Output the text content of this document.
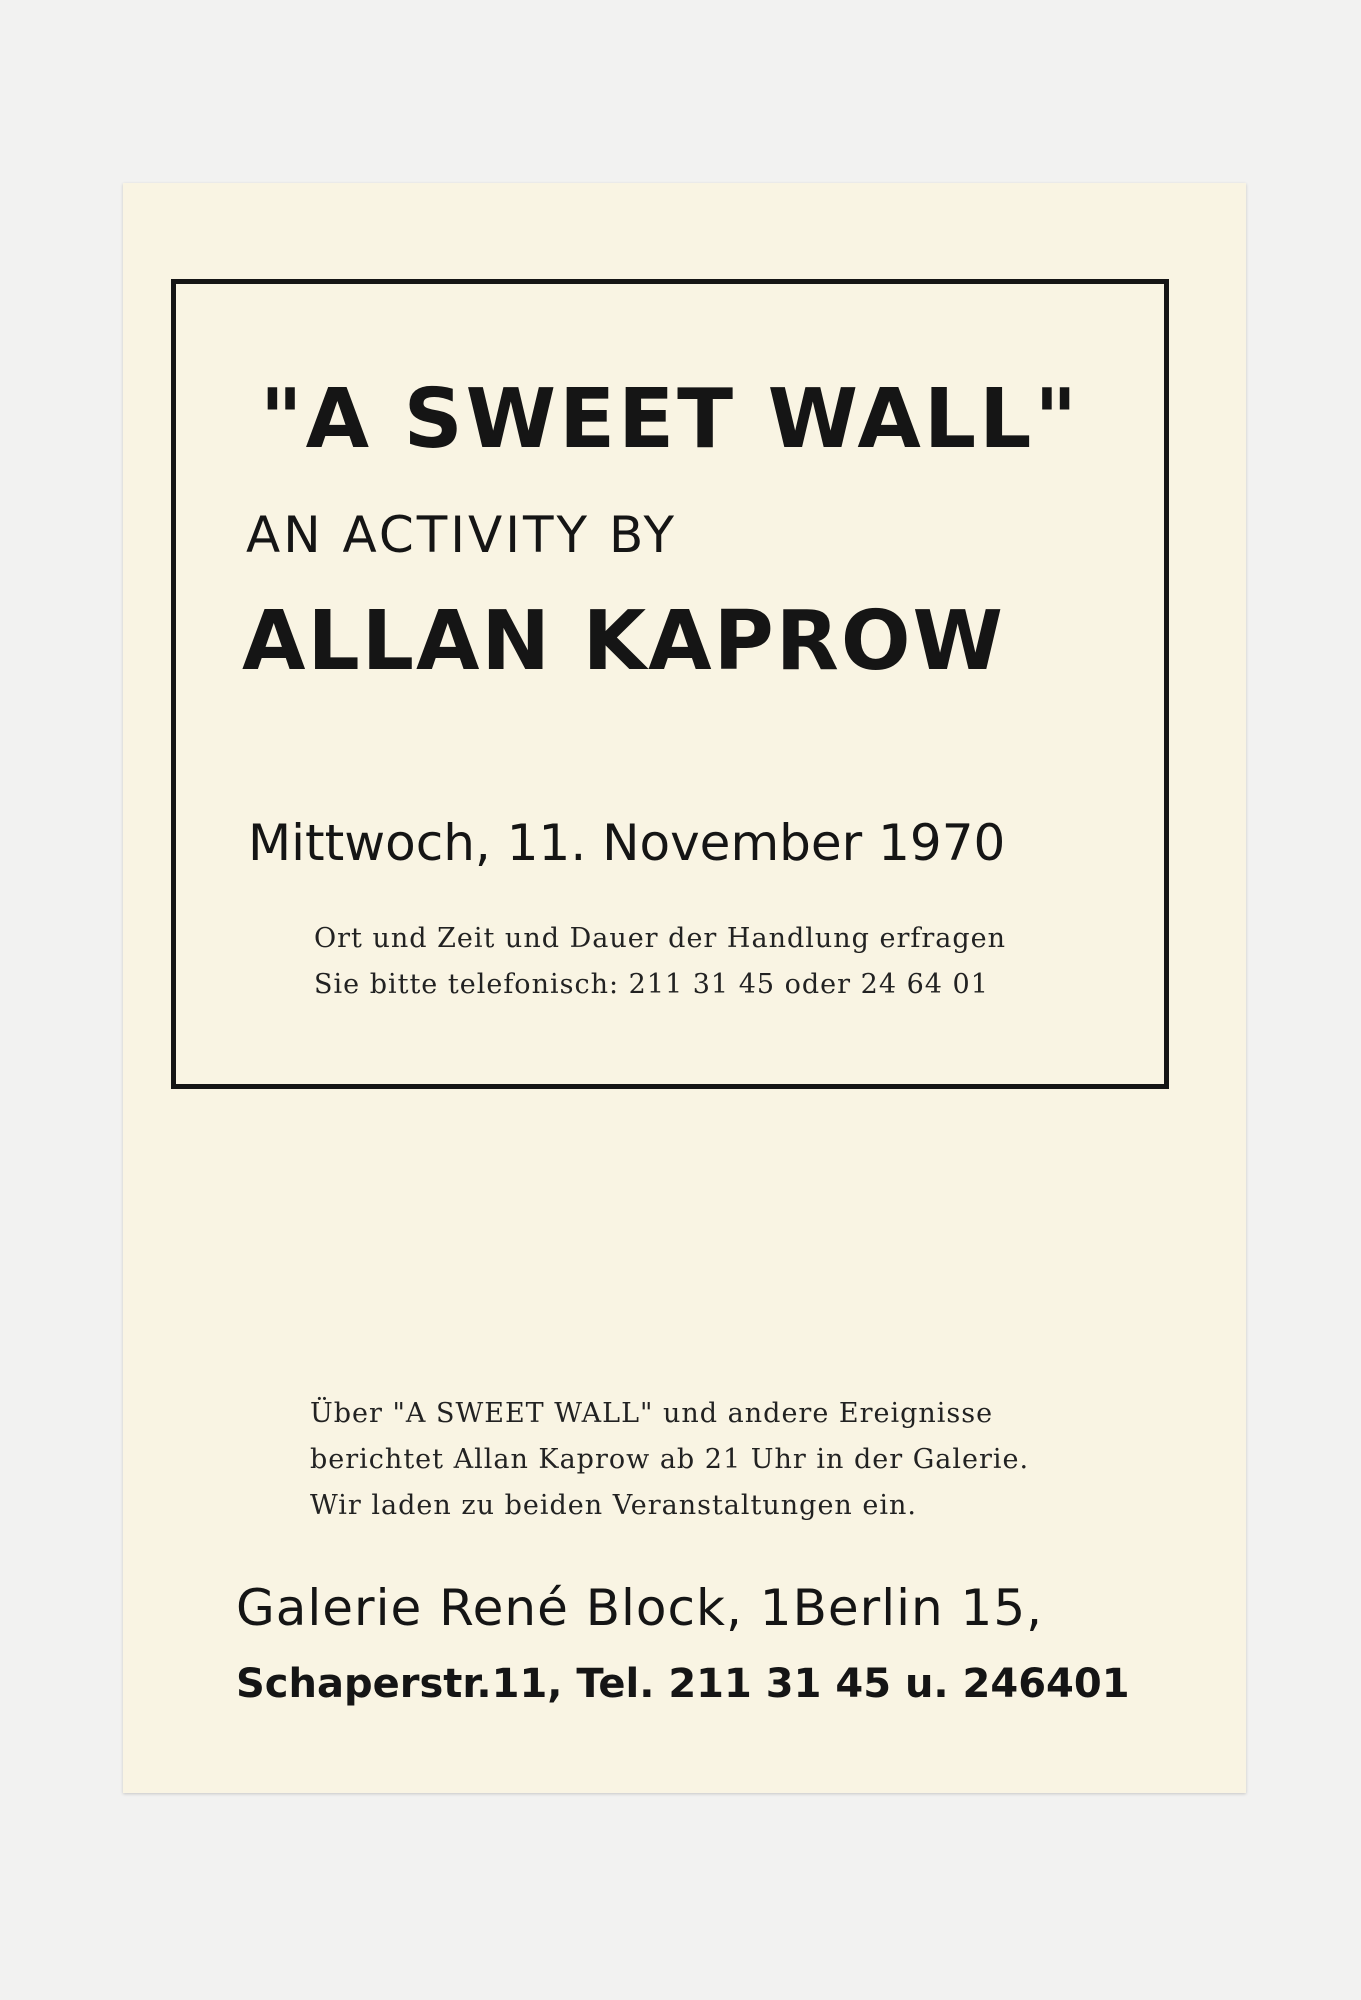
"A SWEET WALL"
AN ACTIVITY BY
ALLAN KAPROW
Mittwoch, 11. November 1970
Ort und Zeit und Dauer der Handlung erfragen
Sie bitte telefonisch: 211 31 45 oder 24 64 01
Über "A SWEET WALL" und andere Ereignisse
berichtet Allan Kaprow ab 21 Uhr in der Galerie.
Wir laden zu beiden Veranstaltungen ein.
Galerie René Block, 1Berlin 15,
Schaperstr.11, Tel. 211 31 45 u. 246401
